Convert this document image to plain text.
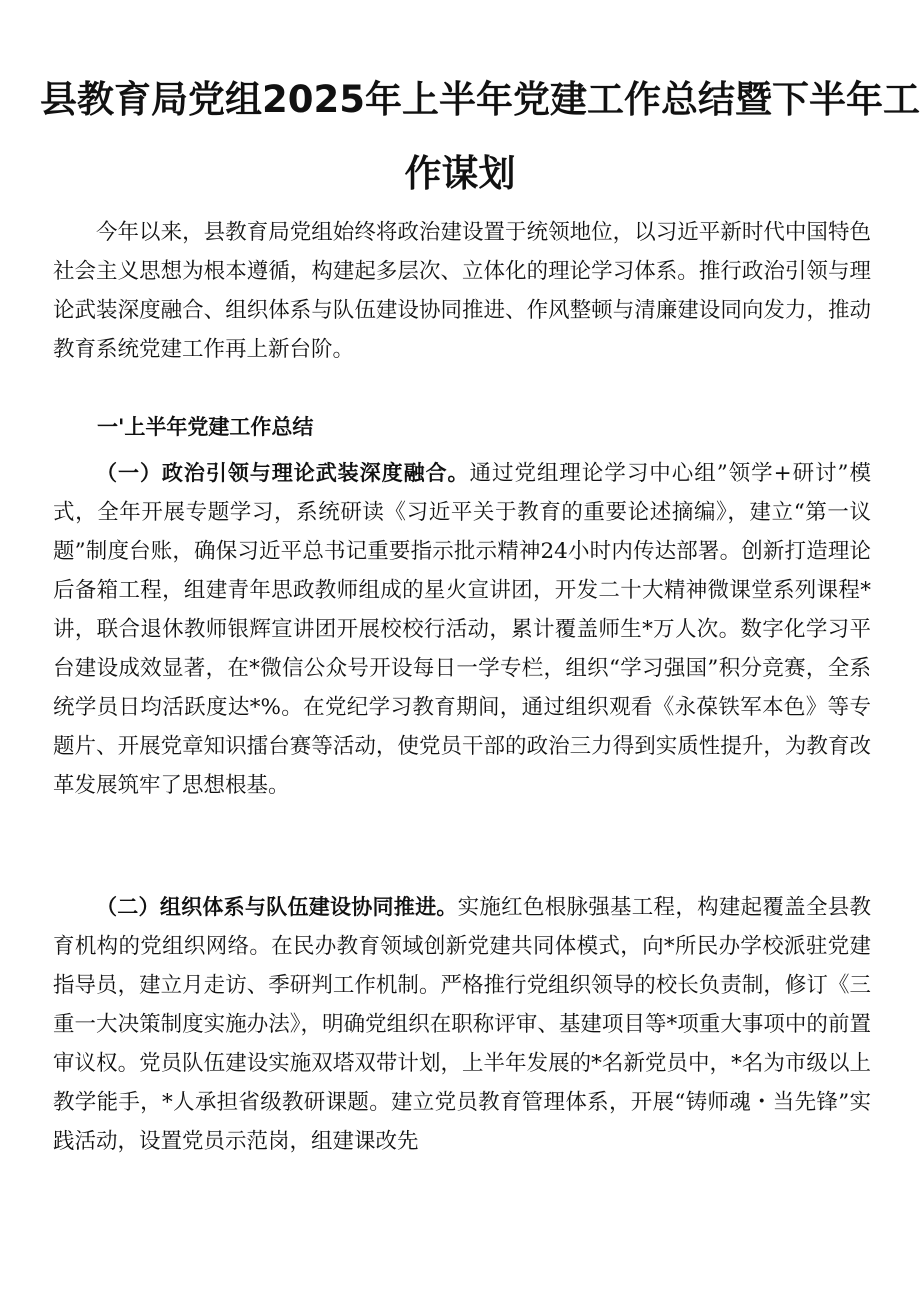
县教育局党组2025年上半年党建工作总结暨下半年工
作谋划

今年以来，县教育局党组始终将政治建设置于统领地位，以习近平新时代中国特色社会主义思想为根本遵循，构建起多层次、立体化的理论学习体系。推行政治引领与理论武装深度融合、组织体系与队伍建设协同推进、作风整顿与清廉建设同向发力，推动教育系统党建工作再上新台阶。

一'上半年党建工作总结

（一）政治引领与理论武装深度融合。通过党组理论学习中心组”领学+研讨”模式，全年开展专题学习，系统研读《习近平关于教育的重要论述摘编》，建立“第一议题”制度台账，确保习近平总书记重要指示批示精神24小时内传达部署。创新打造理论后备箱工程，组建青年思政教师组成的星火宣讲团，开发二十大精神微课堂系列课程*讲，联合退休教师银辉宣讲团开展校校行活动，累计覆盖师生*万人次。数字化学习平台建设成效显著，在*微信公众号开设每日一学专栏，组织“学习强国”积分竞赛，全系统学员日均活跃度达*%。在党纪学习教育期间，通过组织观看《永葆铁军本色》等专题片、开展党章知识擂台赛等活动，使党员干部的政治三力得到实质性提升，为教育改革发展筑牢了思想根基。

（二）组织体系与队伍建设协同推进。实施红色根脉强基工程，构建起覆盖全县教育机构的党组织网络。在民办教育领域创新党建共同体模式，向*所民办学校派驻党建指导员，建立月走访、季研判工作机制。严格推行党组织领导的校长负责制，修订《三重一大决策制度实施办法》，明确党组织在职称评审、基建项目等*项重大事项中的前置审议权。党员队伍建设实施双塔双带计划，上半年发展的*名新党员中，*名为市级以上教学能手，*人承担省级教研课题。建立党员教育管理体系，开展“铸师魂・当先锋”实践活动，设置党员示范岗，组建课改先
